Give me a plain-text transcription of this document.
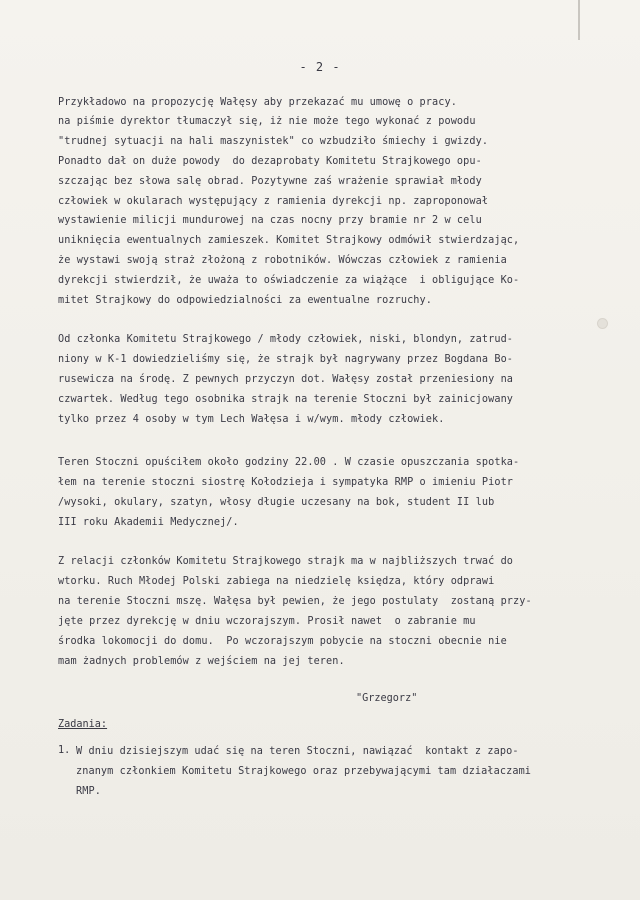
- 2 -
Przykładowo na propozycję Wałęsy aby przekazać mu umowę o pracy.
na piśmie dyrektor tłumaczył się, iż nie może tego wykonać z powodu
"trudnej sytuacji na hali maszynistek" co wzbudziło śmiechy i gwizdy.
Ponadto dał on duże powody  do dezaprobaty Komitetu Strajkowego opu-
szczając bez słowa salę obrad. Pozytywne zaś wrażenie sprawiał młody
człowiek w okularach występujący z ramienia dyrekcji np. zaproponował
wystawienie milicji mundurowej na czas nocny przy bramie nr 2 w celu
uniknięcia ewentualnych zamieszek. Komitet Strajkowy odmówił stwierdzając,
że wystawi swoją straż złożoną z robotników. Wówczas człowiek z ramienia
dyrekcji stwierdził, że uważa to oświadczenie za wiążące  i obligujące Ko-
mitet Strajkowy do odpowiedzialności za ewentualne rozruchy.
Od członka Komitetu Strajkowego / młody człowiek, niski, blondyn, zatrud-
niony w K-1 dowiedzieliśmy się, że strajk był nagrywany przez Bogdana Bo-
rusewicza na środę. Z pewnych przyczyn dot. Wałęsy został przeniesiony na
czwartek. Według tego osobnika strajk na terenie Stoczni był zainicjowany
tylko przez 4 osoby w tym Lech Wałęsa i w/wym. młody człowiek.
Teren Stoczni opuściłem około godziny 22.00 . W czasie opuszczania spotka-
łem na terenie stoczni siostrę Kołodzieja i sympatyka RMP o imieniu Piotr
/wysoki, okulary, szatyn, włosy długie uczesany na bok, student II lub
III roku Akademii Medycznej/.
Z relacji członków Komitetu Strajkowego strajk ma w najbliższych trwać do
wtorku. Ruch Młodej Polski zabiega na niedzielę księdza, który odprawi
na terenie Stoczni mszę. Wałęsa był pewien, że jego postulaty  zostaną przy-
jęte przez dyrekcję w dniu wczorajszym. Prosił nawet  o zabranie mu
środka lokomocji do domu.  Po wczorajszym pobycie na stoczni obecnie nie
mam żadnych problemów z wejściem na jej teren.
"Grzegorz"
Zadania:
1. W dniu dzisiejszym udać się na teren Stoczni, nawiązać  kontakt z zapo-
znanym członkiem Komitetu Strajkowego oraz przebywającymi tam działaczami
RMP.
